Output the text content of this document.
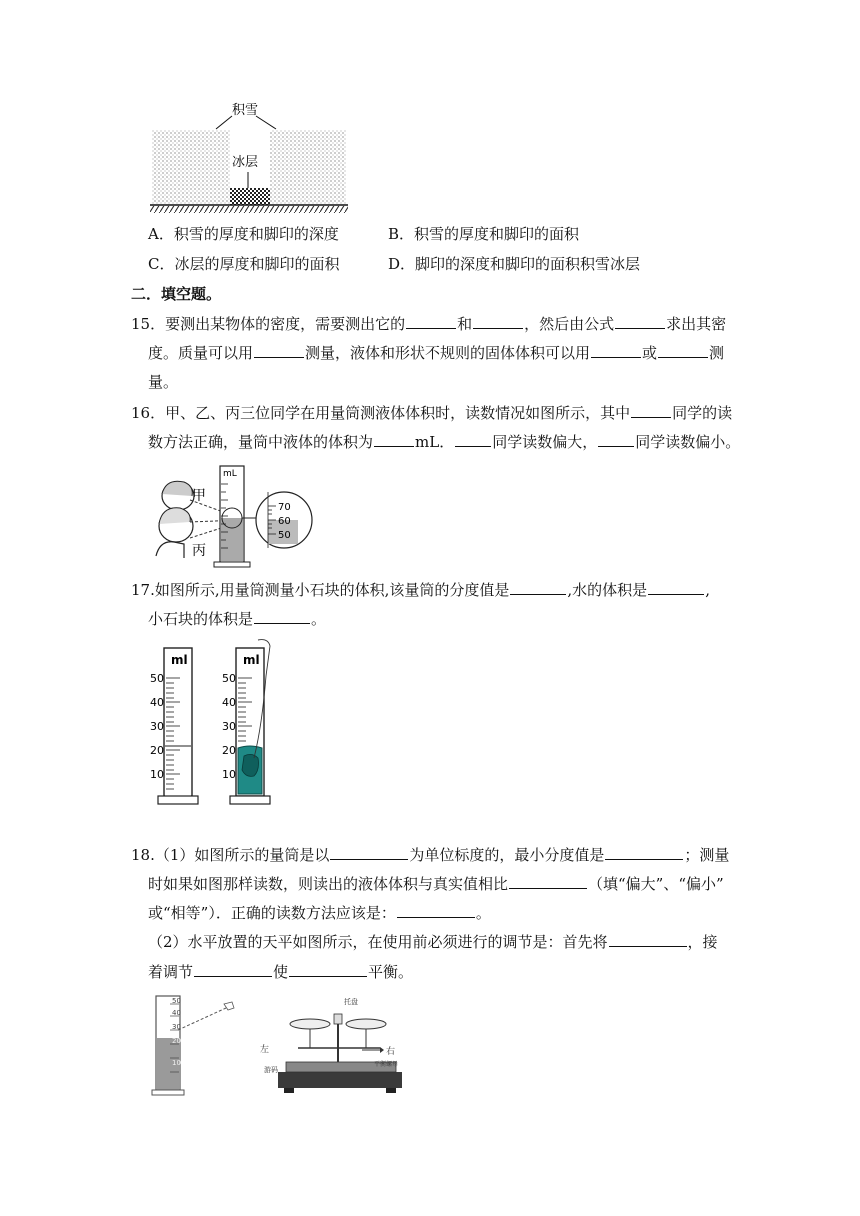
积雪
冰层
A．积雪的厚度和脚印的深度	B．积雪的厚度和脚印的面积
C．冰层的厚度和脚印的面积	D．脚印的深度和脚印的面积积雪冰层
二．填空题。
15．要测出某物体的密度，需要测出它的	和	，然后由公式	求出其密
度。质量可以用	测量，液体和形状不规则的固体体积可以用	或	测
量。
16．甲、乙、丙三位同学在用量筒测液体体积时，读数情况如图所示，其中	同学的读
数方法正确，量筒中液体的体积为	mL．	同学读数偏大，	同学读数偏小。
甲
丙
mL
70
60
50
17.如图所示,用量筒测量小石块的体积,该量筒的分度值是	,水的体积是	,
小石块的体积是	。
ml
50
40
30
20
10
ml
50
40
30
20
10
18.（1）如图所示的量筒是以	为单位标度的，最小分度值是	；测量
时如果如图那样读数，则读出的液体体积与真实值相比	（填“偏大”、“偏小”
或“相等”）．正确的读数方法应该是：	。
（2）水平放置的天平如图所示，在使用前必须进行的调节是：首先将	，接
着调节	使	平衡。
50
40
30
20
10
托盘
左	右
游码
平衡螺母
